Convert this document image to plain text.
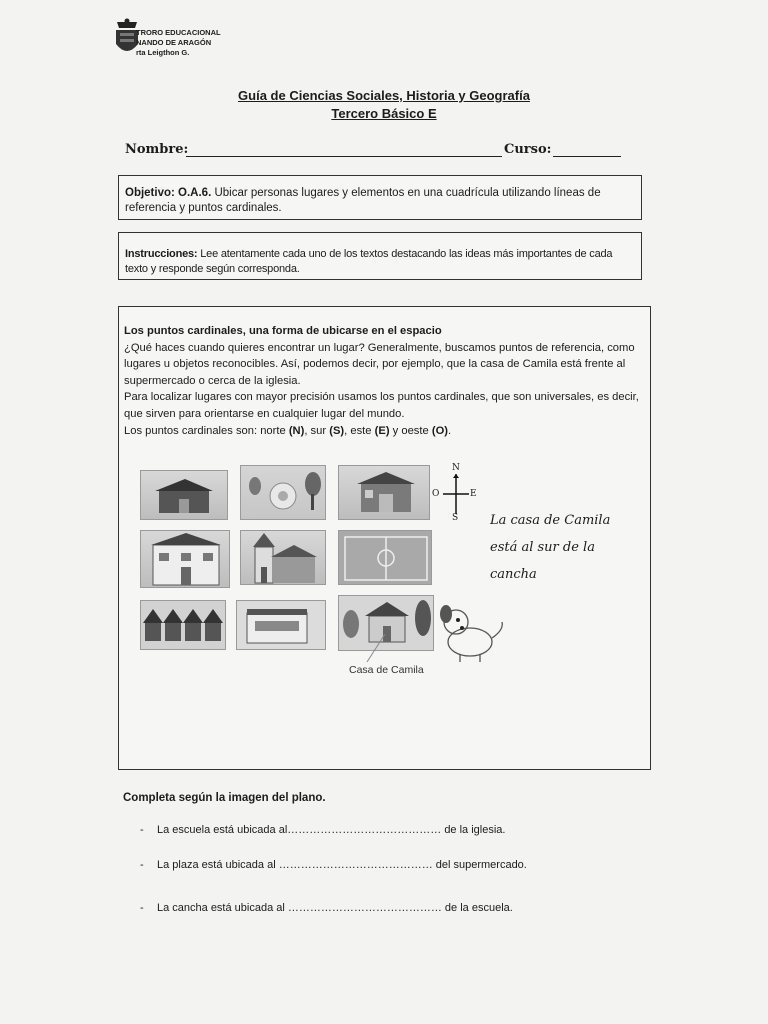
TRORO EDUCACIONAL
NANDO DE ARAGÓN
rta Leigthon G.
Guía de Ciencias Sociales, Historia y Geografía
Tercero Básico E
Nombre:	Curso:
Objetivo: O.A.6. Ubicar personas lugares y elementos en una cuadrícula utilizando líneas de referencia y puntos cardinales.
Instrucciones: Lee atentamente cada uno de los textos destacando las ideas más importantes de cada texto y responde según corresponda.
Los puntos cardinales, una forma de ubicarse en el espacio
¿Qué haces cuando quieres encontrar un lugar? Generalmente, buscamos puntos de referencia, como lugares u objetos reconocibles. Así, podemos decir, por ejemplo, que la casa de Camila está frente al supermercado o cerca de la iglesia.
Para localizar lugares con mayor precisión usamos los puntos cardinales, que son universales, es decir, que sirven para orientarse en cualquier lugar del mundo.
Los puntos cardinales son: norte (N), sur (S), este (E) y oeste (O).
N
O	E
S La casa de Camila
está al sur de la
cancha
Casa de Camila
Completa según la imagen del plano.
- La escuela está ubicada al…………………………………… de la iglesia.
- La plaza está ubicada al …………………………………… del supermercado.
- La cancha está ubicada al …………………………………… de la escuela.
